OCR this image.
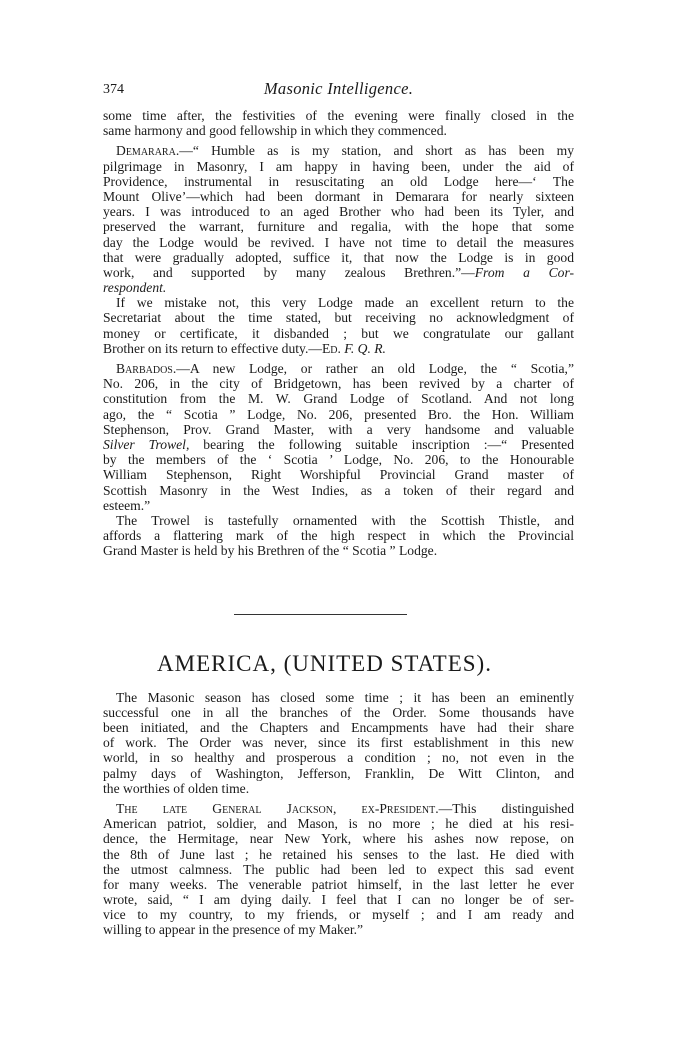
374	Masonic Intelligence.
some time after, the festivities of the evening were finally closed in the
same harmony and good fellowship in which they commenced.
Demarara.—“ Humble as is my station, and short as has been my
pilgrimage in Masonry, I am happy in having been, under the aid of
Providence, instrumental in resuscitating an old Lodge here—‘ The
Mount Olive’—which had been dormant in Demarara for nearly sixteen
years. I was introduced to an aged Brother who had been its Tyler, and
preserved the warrant, furniture and regalia, with the hope that some
day the Lodge would be revived. I have not time to detail the measures
that were gradually adopted, suffice it, that now the Lodge is in good
work, and supported by many zealous Brethren.”—From a Cor-
respondent.
If we mistake not, this very Lodge made an excellent return to the
Secretariat about the time stated, but receiving no acknowledgment of
money or certificate, it disbanded ; but we congratulate our gallant
Brother on its return to effective duty.—Ed. F. Q. R.
Barbados.—A new Lodge, or rather an old Lodge, the “ Scotia,”
No. 206, in the city of Bridgetown, has been revived by a charter of
constitution from the M. W. Grand Lodge of Scotland. And not long
ago, the “ Scotia ” Lodge, No. 206, presented Bro. the Hon. William
Stephenson, Prov. Grand Master, with a very handsome and valuable
Silver Trowel, bearing the following suitable inscription :—“ Presented
by the members of the ‘ Scotia ’ Lodge, No. 206, to the Honourable
William Stephenson, Right Worshipful Provincial Grand master of
Scottish Masonry in the West Indies, as a token of their regard and
esteem.”
The Trowel is tastefully ornamented with the Scottish Thistle, and
affords a flattering mark of the high respect in which the Provincial
Grand Master is held by his Brethren of the “ Scotia ” Lodge.
AMERICA, (UNITED STATES).
The Masonic season has closed some time ; it has been an eminently
successful one in all the branches of the Order. Some thousands have
been initiated, and the Chapters and Encampments have had their share
of work. The Order was never, since its first establishment in this new
world, in so healthy and prosperous a condition ; no, not even in the
palmy days of Washington, Jefferson, Franklin, De Witt Clinton, and
the worthies of olden time.
The late General Jackson, ex-President.—This distinguished
American patriot, soldier, and Mason, is no more ; he died at his resi-
dence, the Hermitage, near New York, where his ashes now repose, on
the 8th of June last ; he retained his senses to the last. He died with
the utmost calmness. The public had been led to expect this sad event
for many weeks. The venerable patriot himself, in the last letter he ever
wrote, said, “ I am dying daily. I feel that I can no longer be of ser-
vice to my country, to my friends, or myself ; and I am ready and
willing to appear in the presence of my Maker.”
